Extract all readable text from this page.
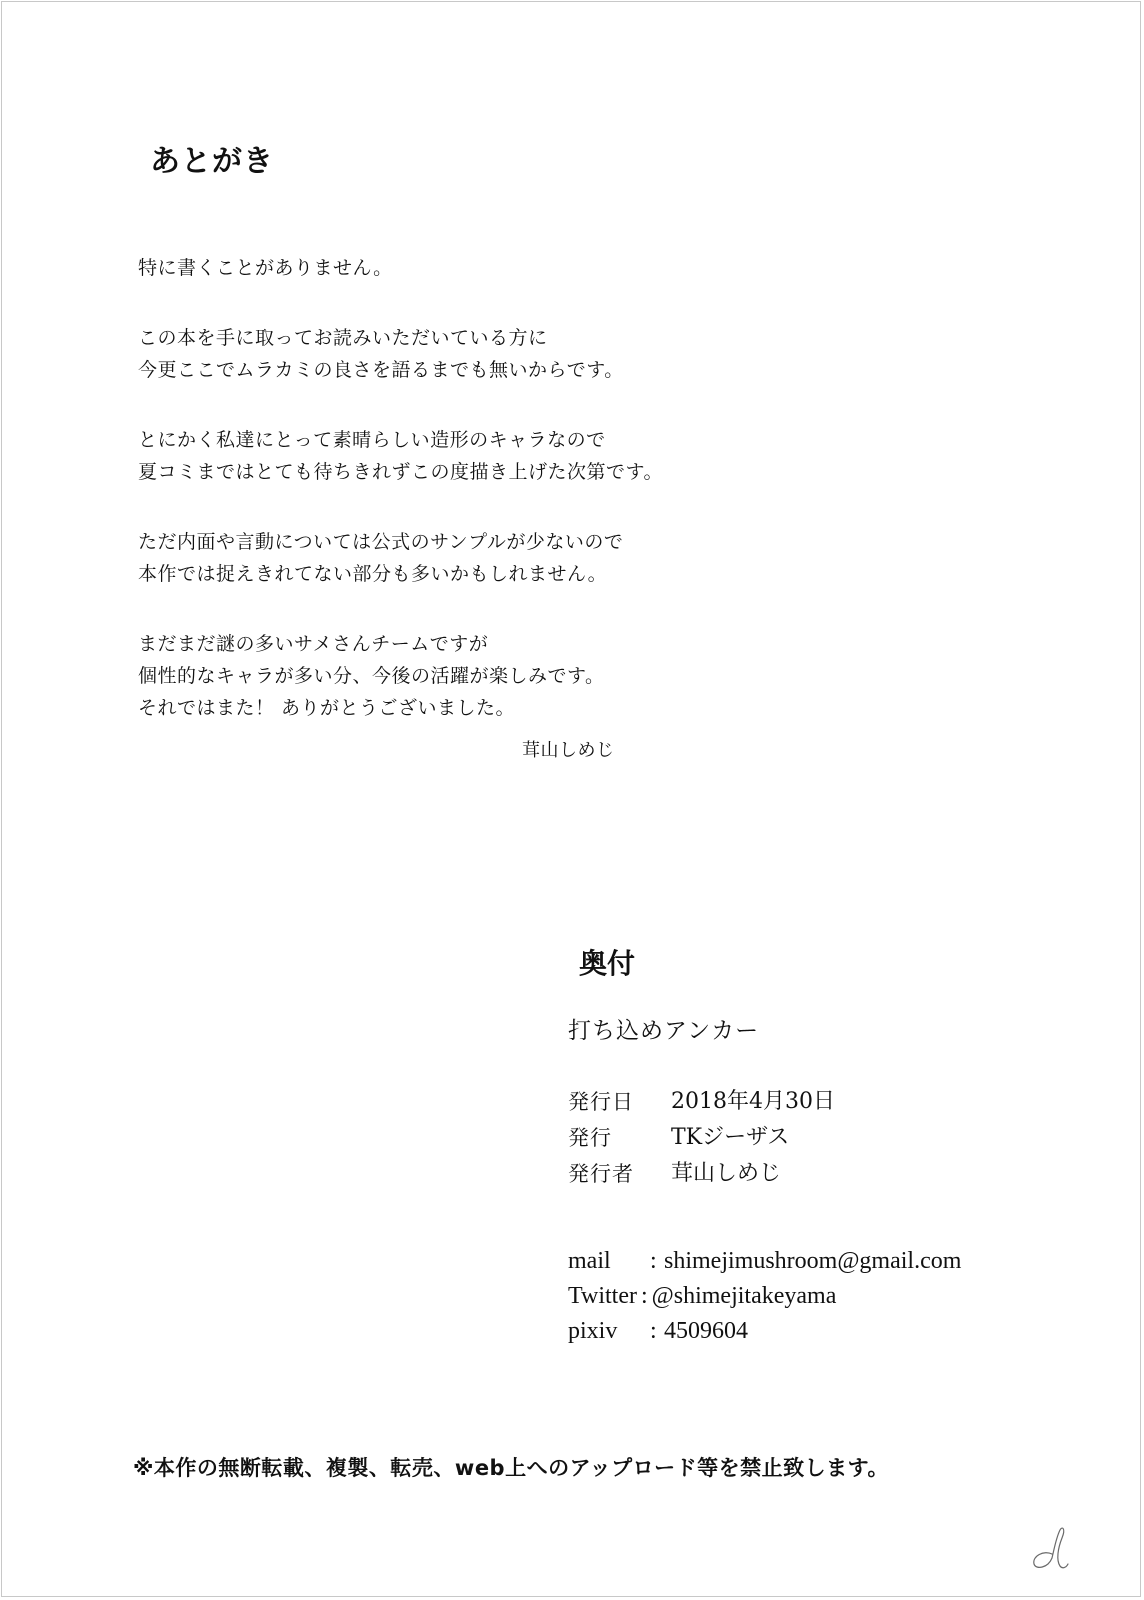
あとがき

特に書くことがありません。

この本を手に取ってお読みいただいている方に
今更ここでムラカミの良さを語るまでも無いからです。

とにかく私達にとって素晴らしい造形のキャラなので
夏コミまではとても待ちきれずこの度描き上げた次第です。

ただ内面や言動については公式のサンプルが少ないので
本作では捉えきれてない部分も多いかもしれません。

まだまだ謎の多いサメさんチームですが
個性的なキャラが多い分、今後の活躍が楽しみです。
それではまた！ ありがとうございました。

茸山しめじ
奥付
打ち込めアンカー
発行日	2018年4月30日
発行	TKジーザス
発行者	茸山しめじ
mail	: shimejimushroom@gmail.com
Twitter : @shimejitakeyama
pixiv	: 4509604
※本作の無断転載、複製、転売、web上へのアップロード等を禁止致します。
